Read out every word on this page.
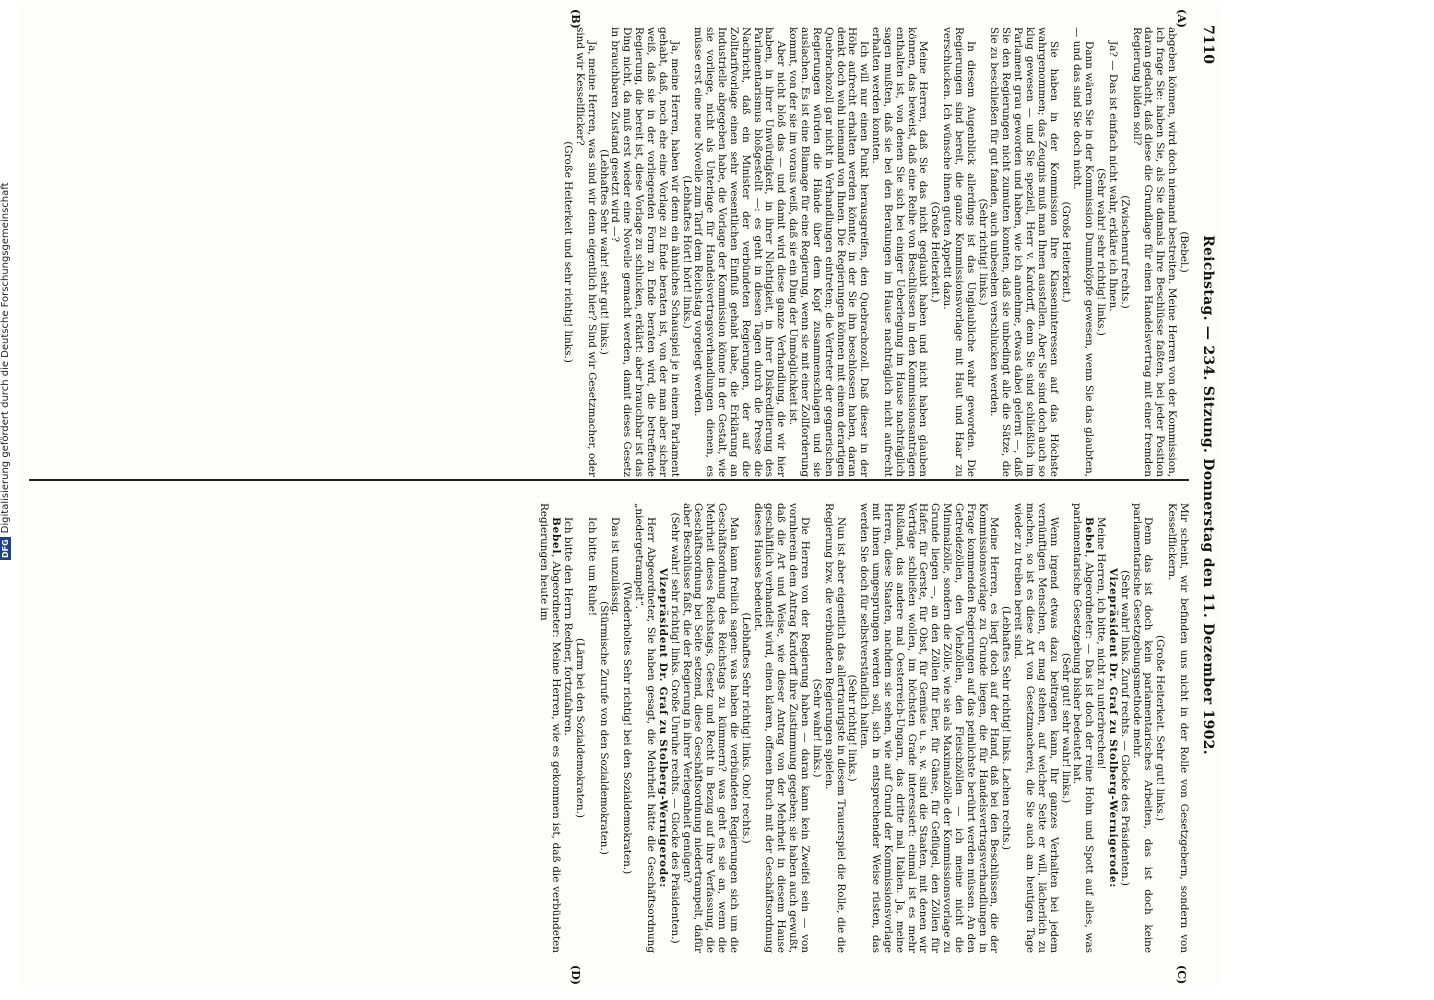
7110
Reichstag. — 234. Sitzung. Donnerstag den 11. Dezember 1902.
(A)
(B)
(C)
(D)

(Bebel.)

abgeben können, wird doch niemand bestreiten. Meine Herren von der Kommission, ich frage Sie: haben Sie, als Sie damals Ihre Beschlüsse faßten, bei jeder Position daran gedacht, daß diese die Grundlage für einen Handelsvertrag mit einer fremden Regierung bilden soll?

(Zwischenruf rechts.)

Ja? — Das ist einfach nicht wahr, erkläre ich Ihnen.

(Sehr wahr! sehr richtig! links.)

Dann wären Sie in der Kommission Dummköpfe gewesen, wenn Sie das glaubten, — und das sind Sie doch nicht.

(Große Heiterkeit.)

Sie haben in der Kommission Ihre Klasseninteressen auf das Höchste wahrgenommen; das Zeugnis muß man Ihnen ausstellen. Aber Sie sind doch auch so klug gewesen — und Sie speziell, Herr v. Kardorff, denn Sie sind schließlich im Parlament grau geworden und haben, wie ich annehme, etwas dabei gelernt —, daß Sie den Regierungen nicht zumuten konnten, daß sie unbedingt alle die Sätze, die Sie zu beschließen für gut fanden, auch unbesehen verschlucken werden.

(Sehr richtig! links.)

In diesem Augenblick allerdings ist das Unglaubliche wahr geworden. Die Regierungen sind bereit, die ganze Kommissionsvorlage mit Haut und Haar zu verschlucken. Ich wünsche ihnen guten Appetit dazu.

(Große Heiterkeit.)

Meine Herren, daß Sie das nicht geglaubt haben und nicht haben glauben können, das beweist, daß eine Reihe von Beschlüssen in den Kommissionsanträgen enthalten ist, von denen Sie sich bei einiger Ueberlegung im Hause nachträglich sagen mußten, daß sie bei den Beratungen im Hause nachträglich nicht aufrecht erhalten werden konnten.

Ich will nur einen Punkt herausgreifen, den Quebrachozoll. Daß dieser in der Höhe aufrecht erhalten werden könnte, in der Sie ihn beschlossen haben, daran denkt doch wohl niemand von Ihnen. Die Regierungen können mit einem derartigen Quebrachozoll gar nicht in Verhandlungen eintreten; die Vertreter der gegnerischen Regierungen würden die Hände über dem Kopf zusammenschlagen und sie auslachen. Es ist eine Blamage für eine Regierung, wenn sie mit einer Zollforderung kommt, von der sie im voraus weiß, daß sie ein Ding der Unmöglichkeit ist.

Aber nicht bloß das — und damit wird diese ganze Verhandlung, die wir hier haben, in ihrer Unwürdigkeit, in ihrer Nichtigkeit, in ihrer Diskreditierung des Parlamentarismus bloßgestellt —: es geht in diesen Tagen durch die Presse die Nachricht, daß ein Minister der verbündeten Regierungen, der auf die Zolltarifvorlage einen sehr wesentlichen Einfluß gehabt habe, die Erklärung an Industrielle abgegeben habe, die Vorlage der Kommission könne in der Gestalt, wie sie vorliege, nicht als Unterlage für Handelsvertragsverhandlungen dienen, es müsse erst eine neue Novelle zum Tarif dem Reichstag vorgelegt werden.

(Lebhaftes Hört! hört! links.)

Ja, meine Herren, haben wir denn ein ähnliches Schauspiel je in einem Parlament gehabt, daß, noch ehe eine Vorlage zu Ende beraten ist, von der man aber sicher weiß, daß sie in der vorliegenden Form zu Ende beraten wird, die betreffende Regierung, die bereit ist, diese Vorlage zu schlucken, erklärt: aber brauchbar ist das Ding nicht, da muß erst wieder eine Novelle gemacht werden, damit dieses Gesetz in brauchbaren Zustand gesetzt wird —?

(Lebhaftes Sehr wahr! sehr gut! links.)

Ja, meine Herren, was sind wir denn eigentlich hier? Sind wir Gesetzmacher, oder sind wir Kesselflicker?

(Große Heiterkeit und sehr richtig! links.)

Mir scheint, wir befinden uns nicht in der Rolle von Gesetzgebern, sondern von Kesselflickern.

(Große Heiterkeit. Sehr gut! links.)

Denn das ist doch kein parlamentarisches Arbeiten, das ist doch keine parlamentarische Gesetzgebungsmethode mehr.

(Sehr wahr! links. Zuruf rechts. — Glocke des Präsidenten.)

Vizepräsident Dr. Graf zu Stolberg-Wernigerode:

Meine Herren, ich bitte, nicht zu unterbrechen!

Bebel, Abgeordneter: — Das ist doch der reine Hohn und Spott auf alles, was parlamentarische Gesetzgebung bisher bedeutet hat.

(Sehr gut! sehr wahr! links.)

Wenn irgend etwas dazu beitragen kann, Ihr ganzes Verhalten bei jedem vernünftigen Menschen, er mag stehen, auf welcher Seite er will, lächerlich zu machen, so ist es diese Art von Gesetzmacherei, die Sie auch am heutigen Tage wieder zu treiben bereit sind.

(Lebhaftes Sehr richtig! links. Lachen rechts.)

Meine Herren, es liegt doch auf der Hand, daß bei den Beschlüssen, die der Kommissionsvorlage zu Grunde liegen, die für Handelsvertragsverhandlungen in Frage kommenden Regierungen auf das peinlichste berührt werden müssen. An den Getreidezöllen, den Viehzöllen, den Fleischzöllen — ich meine nicht die Minimalzölle, sondern die Zölle, wie sie als Maximalzölle der Kommissionsvorlage zu Grunde liegen —, an den Zöllen für Eier, für Gänse, für Geflügel, den Zöllen für Hafer, für Gerste, für Obst, für Gemüse u. s. w. sind die Staaten, mit denen wir Verträge schließen wollen, im höchsten Grade interessiert: einmal ist es mehr Rußland, das andere mal Oesterreich-Ungarn, das dritte mal Italien. Ja, meine Herren, diese Staaten, nachdem sie sehen, wie auf Grund der Kommissionsvorlage mit ihnen umgesprungen werden soll, sich in entsprechender Weise rüsten, das werden Sie doch für selbstverständlich halten.

(Sehr richtig! links.)

Nun ist aber eigentlich das allertraurigste in diesem Trauerspiel die Rolle, die die Regierung bzw. die verbündeten Regierungen spielen.

(Sehr wahr! links.)

Die Herren von der Regierung haben — daran kann kein Zweifel sein — von vornherein dem Antrag Kardorff ihre Zustimmung gegeben; sie haben auch gewußt, daß die Art und Weise, wie dieser Antrag von der Mehrheit in diesem Hause geschäftlich verhandelt wird, einen klaren, offenen Bruch mit der Geschäftsordnung dieses Hauses bedeutet.

(Lebhaftes Sehr richtig! links. Oho! rechts.)

Man kann freilich sagen: was haben die verbündeten Regierungen sich um die Geschäftsordnung des Reichstags zu kümmern? was geht es sie an, wenn die Mehrheit dieses Reichstags, Gesetz und Recht in Bezug auf ihre Verfassung, die Geschäftsordnung bei Seite setzend, diese Geschäftsordnung niedertrampelt, dafür aber Beschlüsse faßt, die der Regierung in ihrer Verlegenheit genügen?

(Sehr wahr! sehr richtig! links. Große Unruhe rechts. — Glocke des Präsidenten.)

Vizepräsident Dr. Graf zu Stolberg-Wernigerode:

Herr Abgeordneter, Sie haben gesagt, die Mehrheit hätte die Geschäftsordnung „niedergetrampelt“.

(Wiederholtes Sehr richtig! bei den Sozialdemokraten.)

Das ist unzulässig.

(Stürmische Zurufe von den Sozialdemokraten.)

Ich bitte um Ruhe!

(Lärm bei den Sozialdemokraten.)

Ich bitte den Herrn Redner, fortzufahren.

Bebel, Abgeordneter: Meine Herren, wie es gekommen ist, daß die verbündeten Regierungen heute im

DFGDigitalisierung gefördert durch die Deutsche Forschungsgemeinschaft
